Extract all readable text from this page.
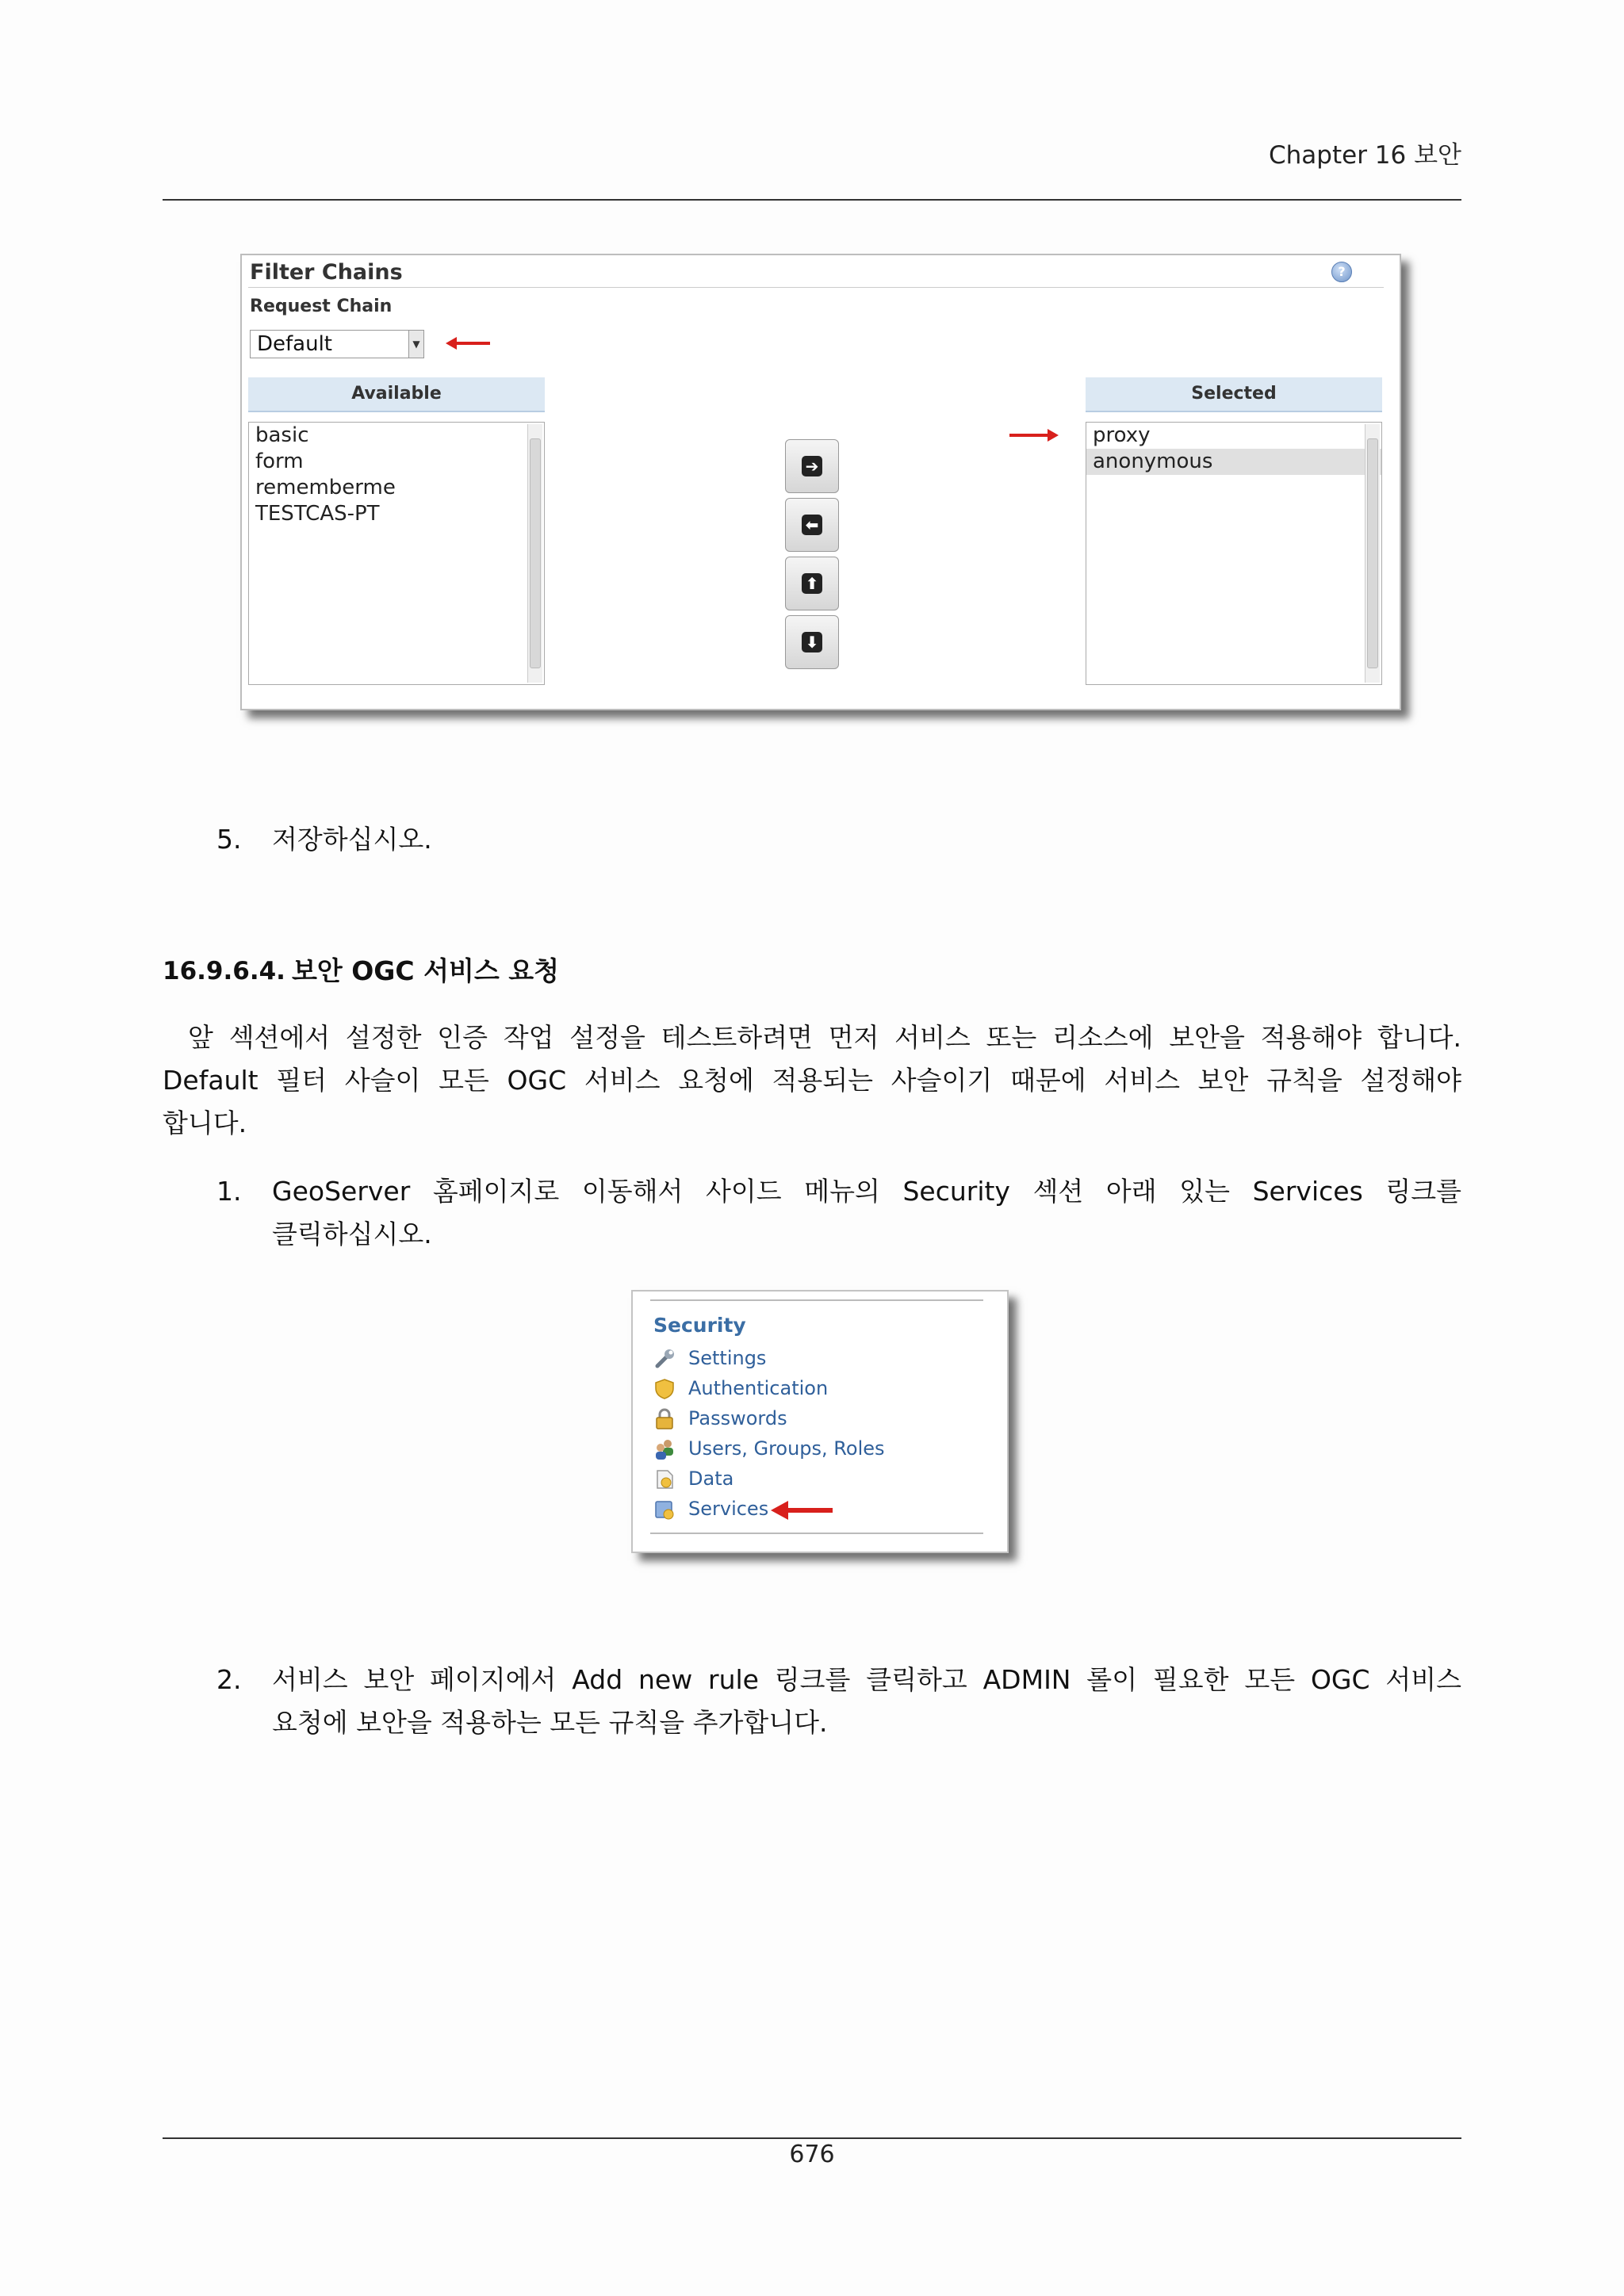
Chapter 16 보안
Filter Chains	?
Request Chain
Default	▼
Available	Selected
basic
form
rememberme
TESTCAS-PT
proxy
anonymous
➔
⬅
⬆
⬇
5. 저장하십시오.
16.9.6.4. 보안 OGC 서비스 요청
앞 섹션에서 설정한 인증 작업 설정을 테스트하려면 먼저 서비스 또는 리소스에 보안을 적용해야 합니다.
Default 필터 사슬이 모든 OGC 서비스 요청에 적용되는 사슬이기 때문에 서비스 보안 규칙을 설정해야
합니다.
1. GeoServer 홈페이지로 이동해서 사이드 메뉴의 Security 섹션 아래 있는 Services 링크를
클릭하십시오.
Security
Settings
Authentication
Passwords
Users, Groups, Roles
Data
Services
2. 서비스 보안 페이지에서 Add new rule 링크를 클릭하고 ADMIN 롤이 필요한 모든 OGC 서비스
요청에 보안을 적용하는 모든 규칙을 추가합니다.
676
